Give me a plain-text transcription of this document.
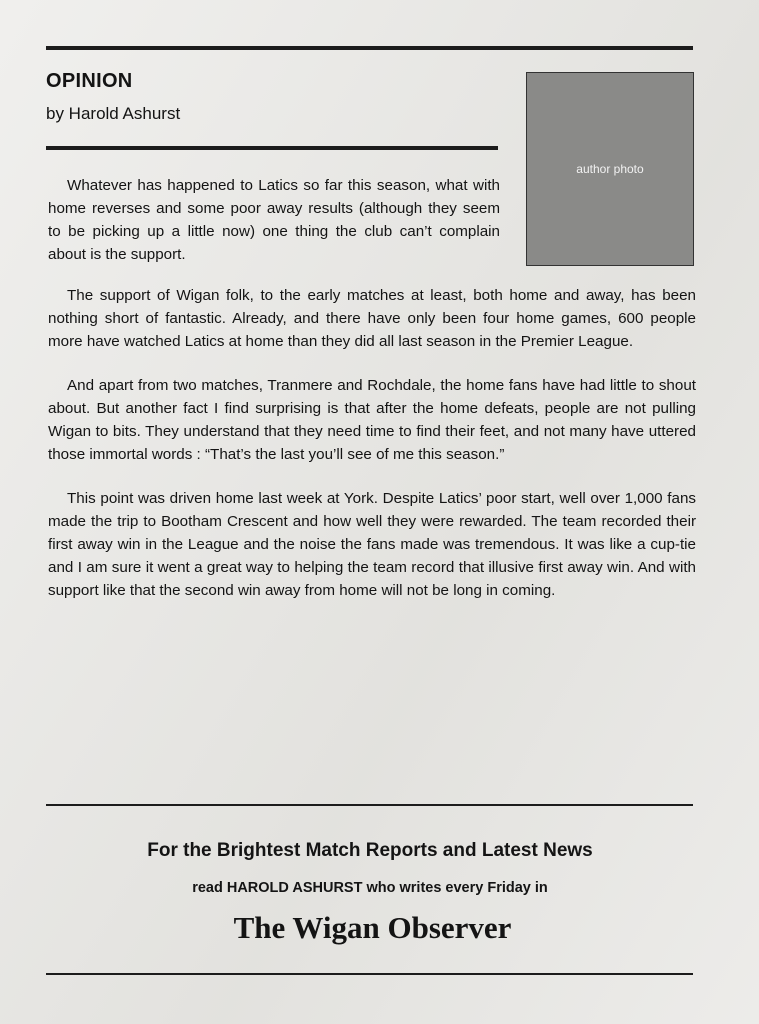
OPINION
by Harold Ashurst
author photo

Whatever has happened to Latics so far this season, what with home reverses and some poor away results (although they seem to be picking up a little now) one thing the club can’t complain about is the support.

The support of Wigan folk, to the early matches at least, both home and away, has been nothing short of fantastic. Already, and there have only been four home games, 600 people more have watched Latics at home than they did all last season in the Premier League.

And apart from two matches, Tranmere and Rochdale, the home fans have had little to shout about. But another fact I find surprising is that after the home defeats, people are not pulling Wigan to bits. They understand that they need time to find their feet, and not many have uttered those immortal words : “That’s the last you’ll see of me this season.”

This point was driven home last week at York. Despite Latics’ poor start, well over 1,000 fans made the trip to Bootham Crescent and how well they were rewarded. The team recorded their first away win in the League and the noise the fans made was tremendous. It was like a cup-tie and I am sure it went a great way to helping the team record that illusive first away win. And with support like that the second win away from home will not be long in coming.

For the Brightest Match Reports and Latest News
read HAROLD ASHURST who writes every Friday in
The Wigan Observer
